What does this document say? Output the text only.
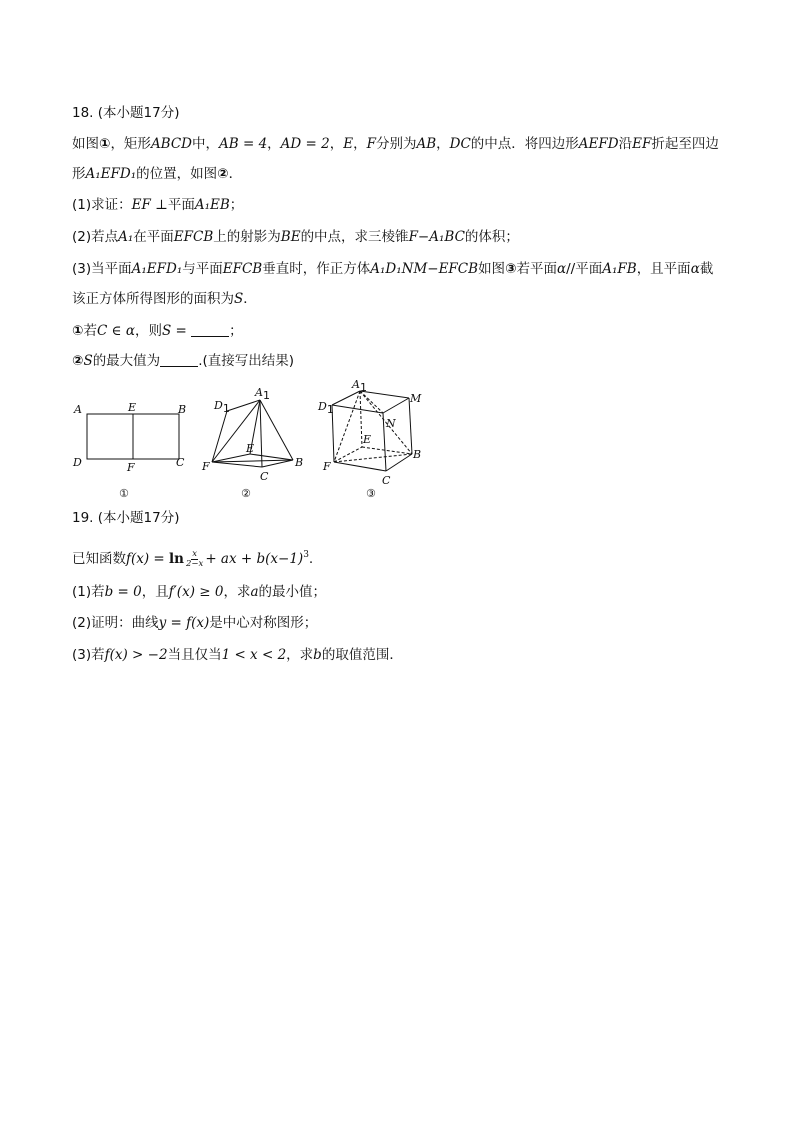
18. (本小题17分)
如图①，矩形ABCD中，AB = 4，AD = 2，E，F分别为AB，DC的中点．将四边形AEFD沿EF折起至四边
形A₁EFD₁的位置，如图②．
(1)求证：EF ⊥平面A₁EB；
(2)若点A₁在平面EFCB上的射影为BE的中点，求三棱锥F−A₁BC的体积；
(3)当平面A₁EFD₁与平面EFCB垂直时，作正方体A₁D₁NM−EFCB如图③若平面α//平面A₁FB，且平面α截
该正方体所得图形的面积为S．
①若C ∈ α，则S =	；
②S的最大值为	.(直接写出结果)
A	E	B
D	F	C
①
D1
A1
E
F	B
C
②
A1
D1
M
N
E
F
B
C
③
19. (本小题17分)
已知函数$f(x) = \ln \frac{x}{2-x}$ + ax + $b(x-1)^3$.
(1)若b = 0，且f′(x) ≥ 0，求a的最小值；
(2)证明：曲线y = f(x)是中心对称图形；
(3)若f(x) > −2当且仅当1 < x < 2，求b的取值范围．
